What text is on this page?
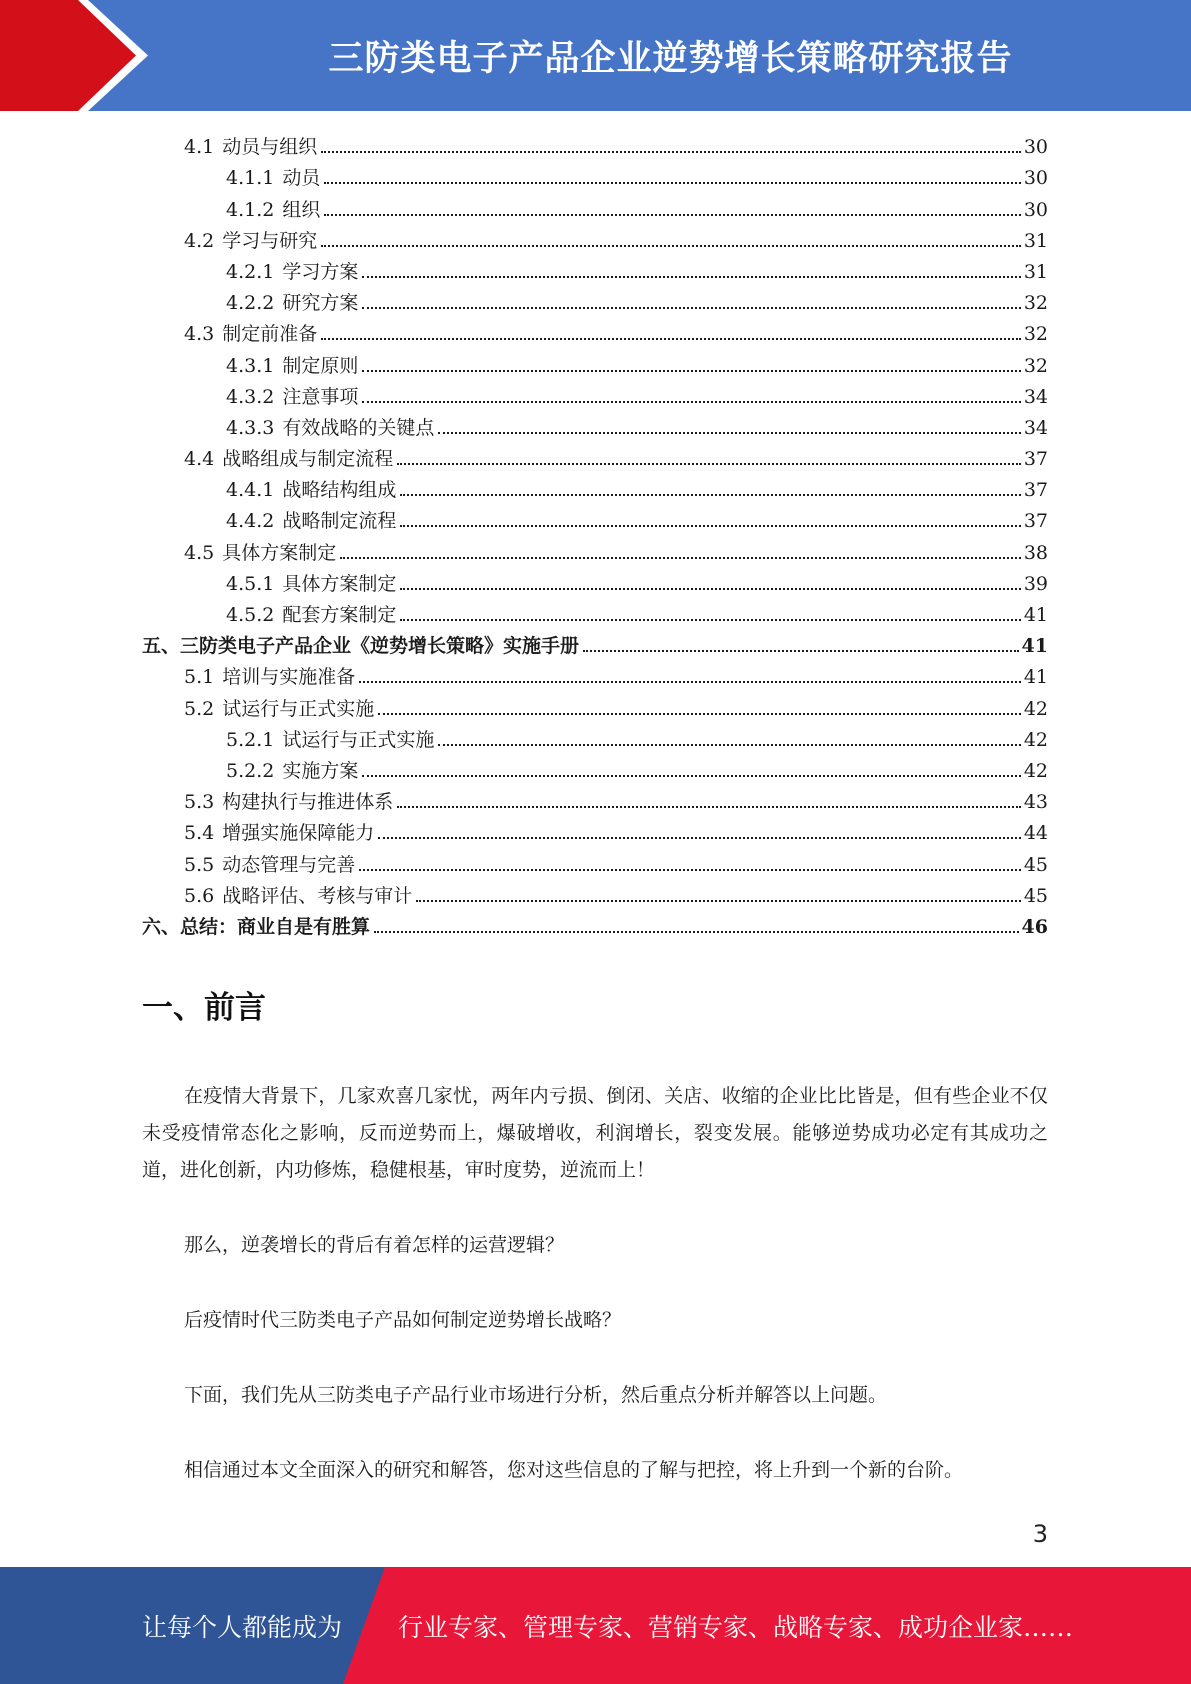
三防类电子产品企业逆势增长策略研究报告
4.1 动员与组织	30
4.1.1 动员	30
4.1.2 组织	30
4.2 学习与研究	31
4.2.1 学习方案	31
4.2.2 研究方案	32
4.3 制定前准备	32
4.3.1 制定原则	32
4.3.2 注意事项	34
4.3.3 有效战略的关键点	34
4.4 战略组成与制定流程	37
4.4.1 战略结构组成	37
4.4.2 战略制定流程	37
4.5 具体方案制定	38
4.5.1 具体方案制定	39
4.5.2 配套方案制定	41
五、三防类电子产品企业《逆势增长策略》实施手册	41
5.1 培训与实施准备	41
5.2 试运行与正式实施	42
5.2.1 试运行与正式实施	42
5.2.2 实施方案	42
5.3 构建执行与推进体系	43
5.4 增强实施保障能力	44
5.5 动态管理与完善	45
5.6 战略评估、考核与审计	45
六、总结：商业自是有胜算	46
一、前言

在疫情大背景下，几家欢喜几家忧，两年内亏损、倒闭、关店、收缩的企业比比皆是，但有些企业不仅未受疫情常态化之影响，反而逆势而上，爆破增收，利润增长，裂变发展。能够逆势成功必定有其成功之道，进化创新，内功修炼，稳健根基，审时度势，逆流而上！

那么，逆袭增长的背后有着怎样的运营逻辑？

后疫情时代三防类电子产品如何制定逆势增长战略？

下面，我们先从三防类电子产品行业市场进行分析，然后重点分析并解答以上问题。

相信通过本文全面深入的研究和解答，您对这些信息的了解与把控，将上升到一个新的台阶。

3
让每个人都能成为 行业专家、管理专家、营销专家、战略专家、成功企业家……
